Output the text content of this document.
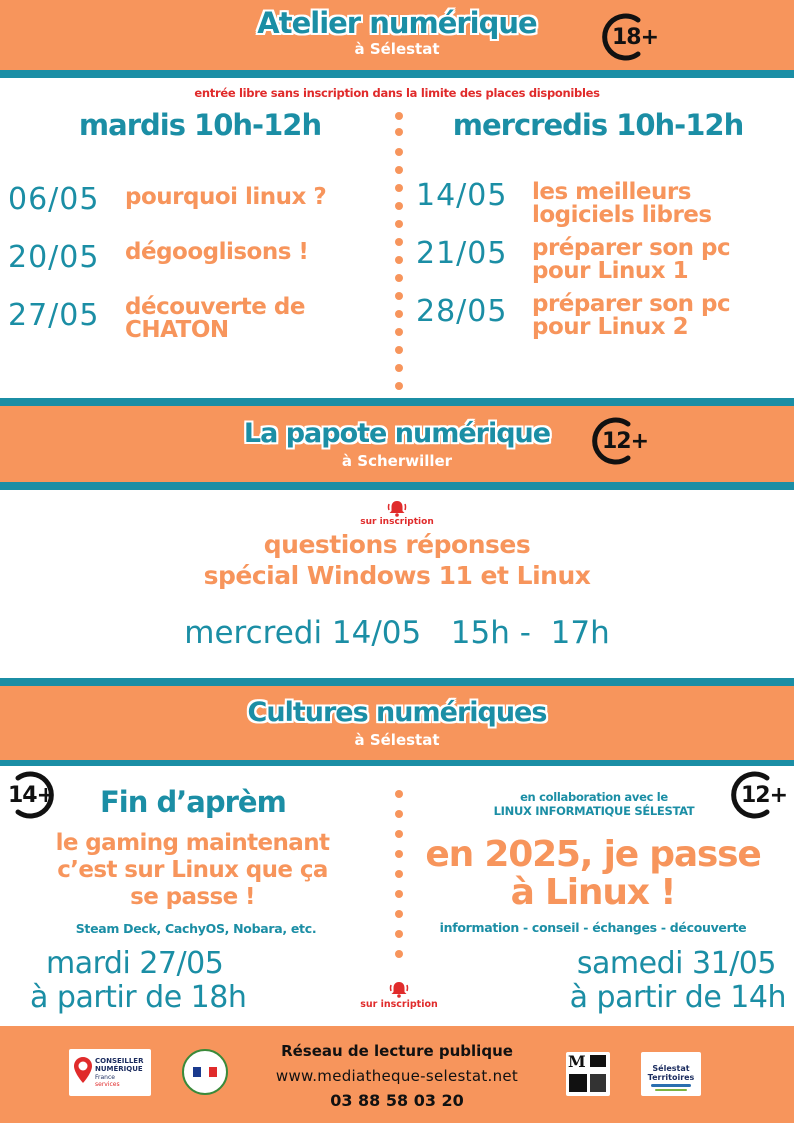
Atelier numérique
à Sélestat	18+
entrée libre sans inscription dans la limite des places disponibles
mardis 10h-12h	mercredis 10h-12h
06/05 pourquoi linux ?
20/05 dégooglisons !
27/05 découverte de CHATON
14/05 les meilleurs
logiciels libres
21/05 préparer son pc
pour Linux 1
28/05 préparer son pc
pour Linux 2
La papote numérique
à Scherwiller
12+
sur inscription
questions réponses
spécial Windows 11 et Linux
mercredi 14/05   15h -  17h
Cultures numériques
à Sélestat
14+ Fin d’aprèm
le gaming maintenant
c’est sur Linux que ça
se passe !
Steam Deck, CachyOS, Nobara, etc.
mardi 27/05
à partir de 18h	sur inscription
12+
en collaboration avec le
LINUX INFORMATIQUE SÉLESTAT
en 2025, je passe
à Linux !
information - conseil - échanges - découverte
samedi 31/05
à partir de 14h
CONSEILLER
NUMÉRIQUE
France
services
Réseau de lecture publique
www.mediatheque-selestat.net
03 88 58 03 20
M	Sélestat Territoires
